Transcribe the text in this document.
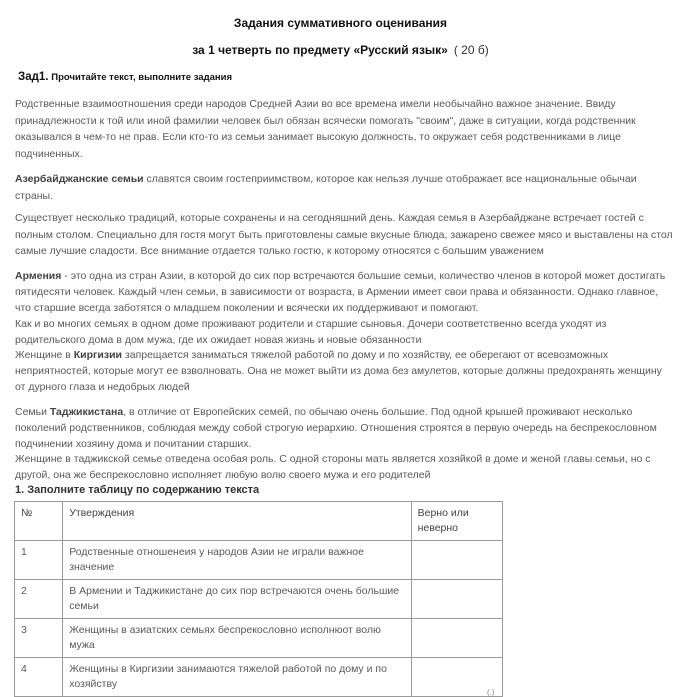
Задания суммативного оценивания
за 1 четверть по предмету «Русский язык» ( 20 б)
Зад1. Прочитайте текст, выполните задания
Родственные взаимоотношения среди народов Средней Азии во все времена имели необычайно важное значение. Ввиду принадлежности к той или иной фамилии человек был обязан всячески помогать "своим", даже в ситуации, когда родственник оказывался в чем-то не прав. Если кто-то из семьи занимает высокую должность, то окружает себя родственниками в лице подчиненных.
Азербайджанские семьи славятся своим гостеприимством, которое как нельзя лучше отображает все национальные обычаи страны.
Существует несколько традиций, которые сохранены и на сегодняшний день. Каждая семья в Азербайджане встречает гостей с полным столом. Специально для гостя могут быть приготовлены самые вкусные блюда, зажарено свежее мясо и выставлены на стол самые лучшие сладости. Все внимание отдается только гостю, к которому относятся с большим уважением
Армения - это одна из стран Азии, в которой до сих пор встречаются большие семьи, количество членов в которой может достигать пятидесяти человек. Каждый член семьи, в зависимости от возраста, в Армении имеет свои права и обязанности. Однако главное, что старшие всегда заботятся о младшем поколении и всячески их поддерживают и помогают.
Как и во многих семьях в одном доме проживают родители и старшие сыновья. Дочери соответственно всегда уходят из родительского дома в дом мужа, где их ожидает новая жизнь и новые обязанности
Женщине в Киргизии запрещается заниматься тяжелой работой по дому и по хозяйству, ее оберегают от всевозможных неприятностей, которые могут ее взволновать. Она не может выйти из дома без амулетов, которые должны предохранять женщину от дурного глаза и недобрых людей
Семьи Таджикистана, в отличие от Европейских семей, по обычаю очень большие. Под одной крышей проживают несколько поколений родственников, соблюдая между собой строгую иерархию. Отношения строятся в первую очередь на беспрекословном подчинении хозяину дома и почитании старших.
Женщине в таджикской семье отведена особая роль. С одной стороны мать является хозяйкой в доме и женой главы семьи, но с другой, она же беспрекословно исполняет любую волю своего мужа и его родителей
1. Заполните таблицу по содержанию текста
№	Утверждения	Верно или неверно
1	Родственные отношенеия у народов Азии не играли важное значение	
2	В Армении и Таджикистане до сих пор встречаются очень большие семьи	
3	Женщины в азиатских семьях беспрекословно исполнюот волю мужа	
4	Женщины в Киргизии занимаются тяжелой работой по дому и по хозяйству	
(.)
